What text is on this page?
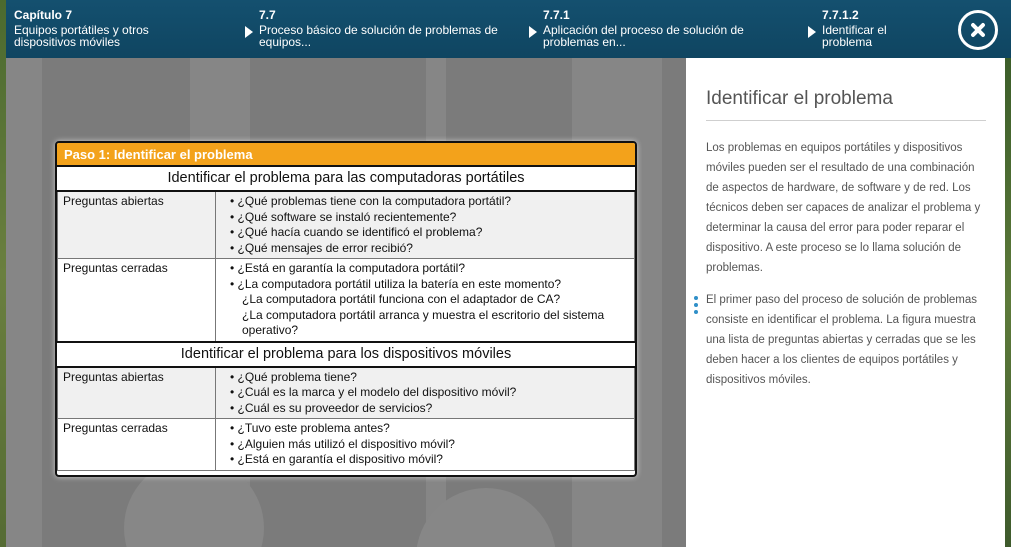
Capítulo 7
Equipos portátiles y otros dispositivos móviles
7.7
Proceso básico de solución de problemas de equipos...
7.7.1
Aplicación del proceso de solución de problemas en...
7.7.1.2
Identificar el problema
Paso 1: Identificar el problema
Identificar el problema para las computadoras portátiles	
Preguntas abiertas	• ¿Qué problemas tiene con la computadora portátil?
• ¿Qué software se instaló recientemente?
• ¿Qué hacía cuando se identificó el problema?
• ¿Qué mensajes de error recibió?

Preguntas cerradas	• ¿Está en garantía la computadora portátil?
• ¿La computadora portátil utiliza la batería en este momento?
¿La computadora portátil funciona con el adaptador de CA?
¿La computadora portátil arranca y muestra el escritorio del sistema operativo?

Identificar el problema para los dispositivos móviles	
Preguntas abiertas	• ¿Qué problema tiene?
• ¿Cuál es la marca y el modelo del dispositivo móvil?
• ¿Cuál es su proveedor de servicios?

Preguntas cerradas	• ¿Tuvo este problema antes?
• ¿Alguien más utilizó el dispositivo móvil?
• ¿Está en garantía el dispositivo móvil?
Identificar el problema

Los problemas en equipos portátiles y dispositivos móviles pueden ser el resultado de una combinación de aspectos de hardware, de software y de red. Los técnicos deben ser capaces de analizar el problema y determinar la causa del error para poder reparar el dispositivo. A este proceso se lo llama solución de problemas.

El primer paso del proceso de solución de problemas consiste en identificar el problema. La figura muestra una lista de preguntas abiertas y cerradas que se les deben hacer a los clientes de equipos portátiles y dispositivos móviles.
